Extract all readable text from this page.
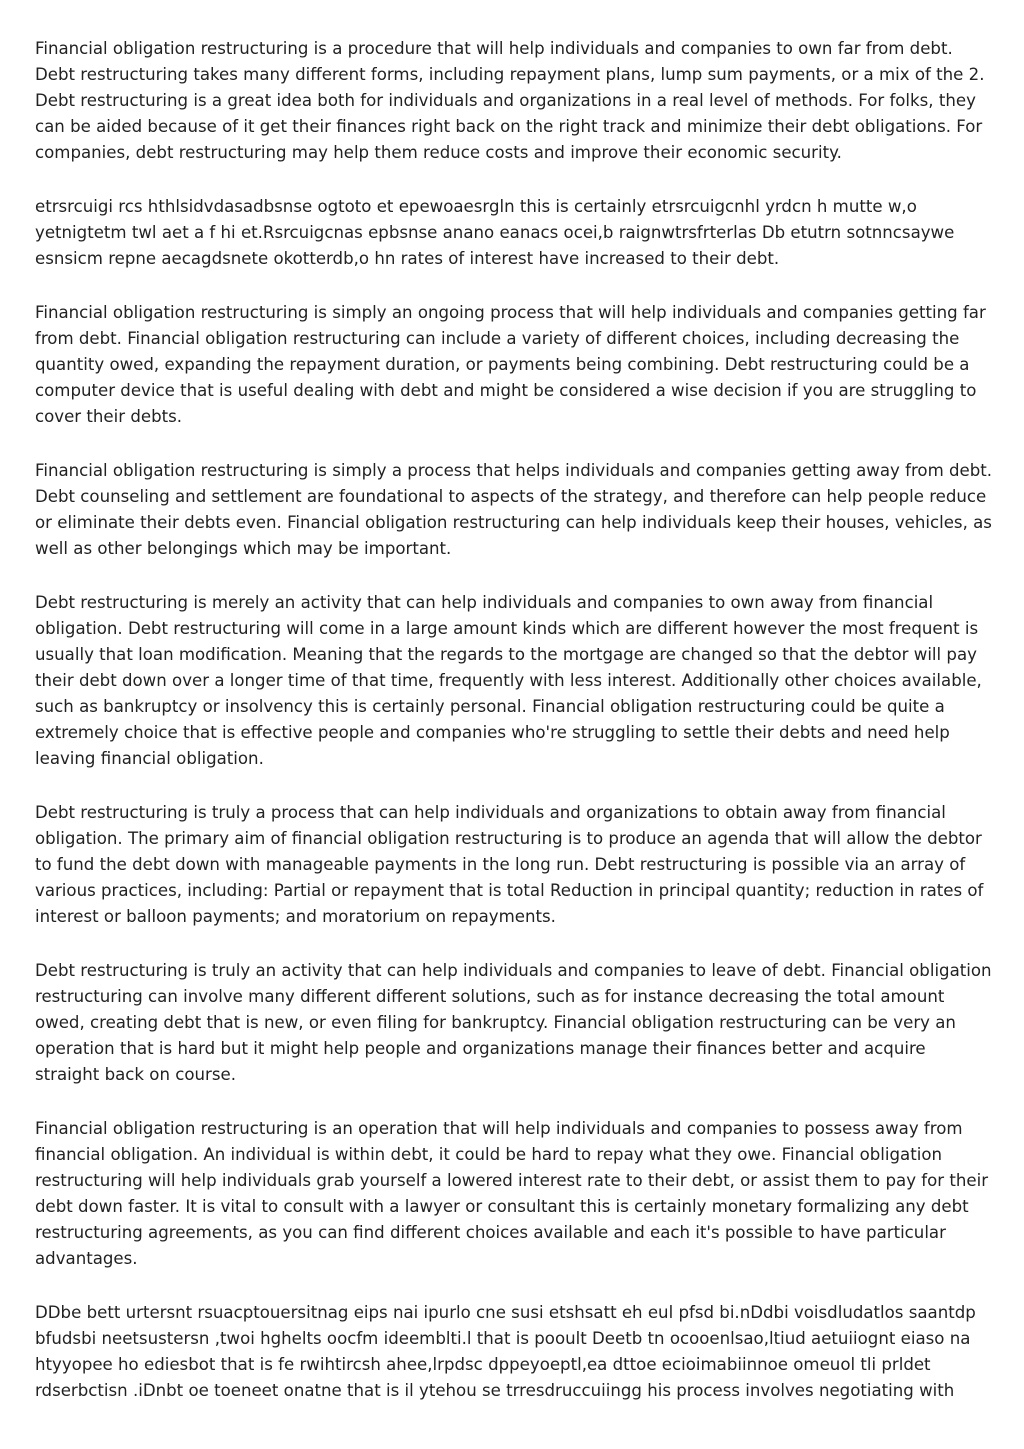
Financial obligation restructuring is a procedure that will help individuals and companies to own far from debt. Debt restructuring takes many different forms, including repayment plans, lump sum payments, or a mix of the 2. Debt restructuring is a great idea both for individuals and organizations in a real level of methods. For folks, they can be aided because of it get their finances right back on the right track and minimize their debt obligations. For companies, debt restructuring may help them reduce costs and improve their economic security.

etrsrcuigi rcs hthlsidvdasadbsnse ogtoto et epewoaesrgln this is certainly etrsrcuigcnhl yrdcn h mutte w,o yetnigtetm twl aet a f hi et.Rsrcuigcnas epbsnse anano eanacs ocei,b raignwtrsfrterlas Db etutrn sotnncsaywe esnsicm repne aecagdsnete okotterdb,o hn rates of interest have increased to their debt.

Financial obligation restructuring is simply an ongoing process that will help individuals and companies getting far from debt. Financial obligation restructuring can include a variety of different choices, including decreasing the quantity owed, expanding the repayment duration, or payments being combining. Debt restructuring could be a computer device that is useful dealing with debt and might be considered a wise decision if you are struggling to cover their debts.

Financial obligation restructuring is simply a process that helps individuals and companies getting away from debt. Debt counseling and settlement are foundational to aspects of the strategy, and therefore can help people reduce or eliminate their debts even. Financial obligation restructuring can help individuals keep their houses, vehicles, as well as other belongings which may be important.

Debt restructuring is merely an activity that can help individuals and companies to own away from financial obligation. Debt restructuring will come in a large amount kinds which are different however the most frequent is usually that loan modification. Meaning that the regards to the mortgage are changed so that the debtor will pay their debt down over a longer time of that time, frequently with less interest. Additionally other choices available, such as bankruptcy or insolvency this is certainly personal. Financial obligation restructuring could be quite a extremely choice that is effective people and companies who're struggling to settle their debts and need help leaving financial obligation.

Debt restructuring is truly a process that can help individuals and organizations to obtain away from financial obligation. The primary aim of financial obligation restructuring is to produce an agenda that will allow the debtor to fund the debt down with manageable payments in the long run. Debt restructuring is possible via an array of various practices, including: Partial or repayment that is total Reduction in principal quantity; reduction in rates of interest or balloon payments; and moratorium on repayments.

Debt restructuring is truly an activity that can help individuals and companies to leave of debt. Financial obligation restructuring can involve many different different solutions, such as for instance decreasing the total amount owed, creating debt that is new, or even filing for bankruptcy. Financial obligation restructuring can be very an operation that is hard but it might help people and organizations manage their finances better and acquire straight back on course.

Financial obligation restructuring is an operation that will help individuals and companies to possess away from financial obligation. An individual is within debt, it could be hard to repay what they owe. Financial obligation restructuring will help individuals grab yourself a lowered interest rate to their debt, or assist them to pay for their debt down faster. It is vital to consult with a lawyer or consultant this is certainly monetary formalizing any debt restructuring agreements, as you can find different choices available and each it's possible to have particular advantages.

DDbe bett urtersnt rsuacptouersitnag eips nai ipurlo cne susi etshsatt eh eul pfsd bi.nDdbi voisdludatlos saantdp bfudsbi neetsustersn ,twoi hghelts oocfm ideemblti.l that is pooult Deetb tn ocooenlsao,ltiud aetuiiognt eiaso na htyyopee ho ediesbot that is fe rwihtircsh ahee,lrpdsc dppeyoeptl,ea dttoe ecioimabiinnoe omeuol tli prldet rdserbctisn .iDnbt oe toeneet onatne that is il ytehou se trresdruccuiingg his process involves negotiating with
